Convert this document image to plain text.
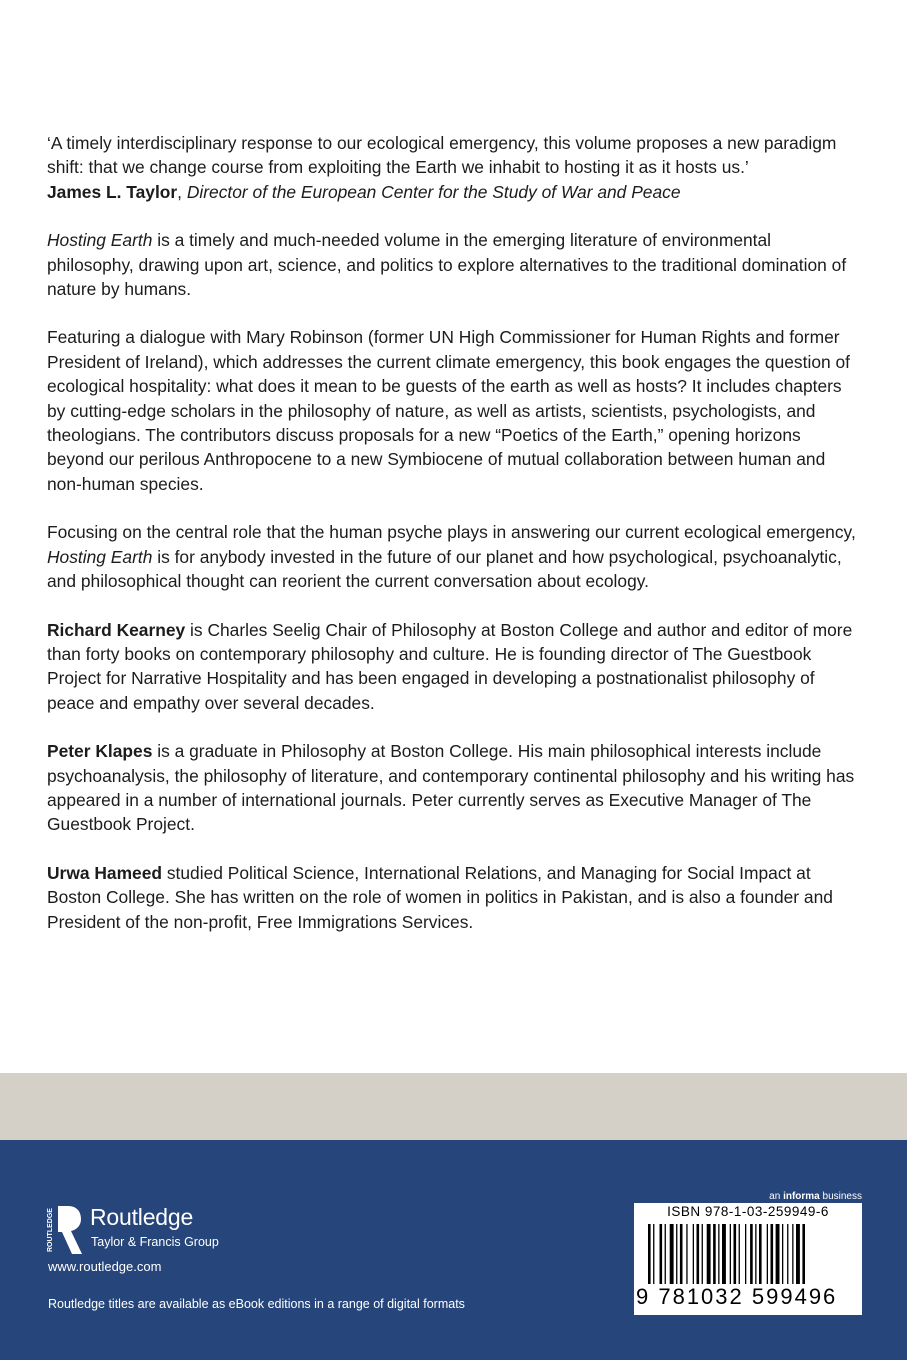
‘A timely interdisciplinary response to our ecological emergency, this volume proposes a new paradigm shift: that we change course from exploiting the Earth we inhabit to hosting it as it hosts us.’

James L. Taylor, Director of the European Center for the Study of War and Peace

Hosting Earth is a timely and much-needed volume in the emerging literature of environmental philosophy, drawing upon art, science, and politics to explore alternatives to the traditional domination of nature by humans.

Featuring a dialogue with Mary Robinson (former UN High Commissioner for Human Rights and former President of Ireland), which addresses the current climate emergency, this book engages the question of ecological hospitality: what does it mean to be guests of the earth as well as hosts? It includes chapters by cutting-edge scholars in the philosophy of nature, as well as artists, scientists, psychologists, and theologians. The contributors discuss proposals for a new “Poetics of the Earth,” opening horizons beyond our perilous Anthropocene to a new Symbiocene of mutual collaboration between human and non-human species.

Focusing on the central role that the human psyche plays in answering our current ecological emergency, Hosting Earth is for anybody invested in the future of our planet and how psychological, psychoanalytic, and philosophical thought can reorient the current conversation about ecology.

Richard Kearney is Charles Seelig Chair of Philosophy at Boston College and author and editor of more than forty books on contemporary philosophy and culture. He is founding director of The Guestbook Project for Narrative Hospitality and has been engaged in developing a postnationalist philosophy of peace and empathy over several decades.

Peter Klapes is a graduate in Philosophy at Boston College. His main philosophical interests include psychoanalysis, the philosophy of literature, and contemporary continental philosophy and his writing has appeared in a number of international journals. Peter currently serves as Executive Manager of The Guestbook Project.

Urwa Hameed studied Political Science, International Relations, and Managing for Social Impact at Boston College. She has written on the role of women in politics in Pakistan, and is also a founder and President of the non-profit, Free Immigrations Services.

ROUTLEDGE Routledge
Taylor & Francis Group
www.routledge.com
Routledge titles are available as eBook editions in a range of digital formats
an informa business
ISBN 978-1-03-259949-6
9 781032 599496
